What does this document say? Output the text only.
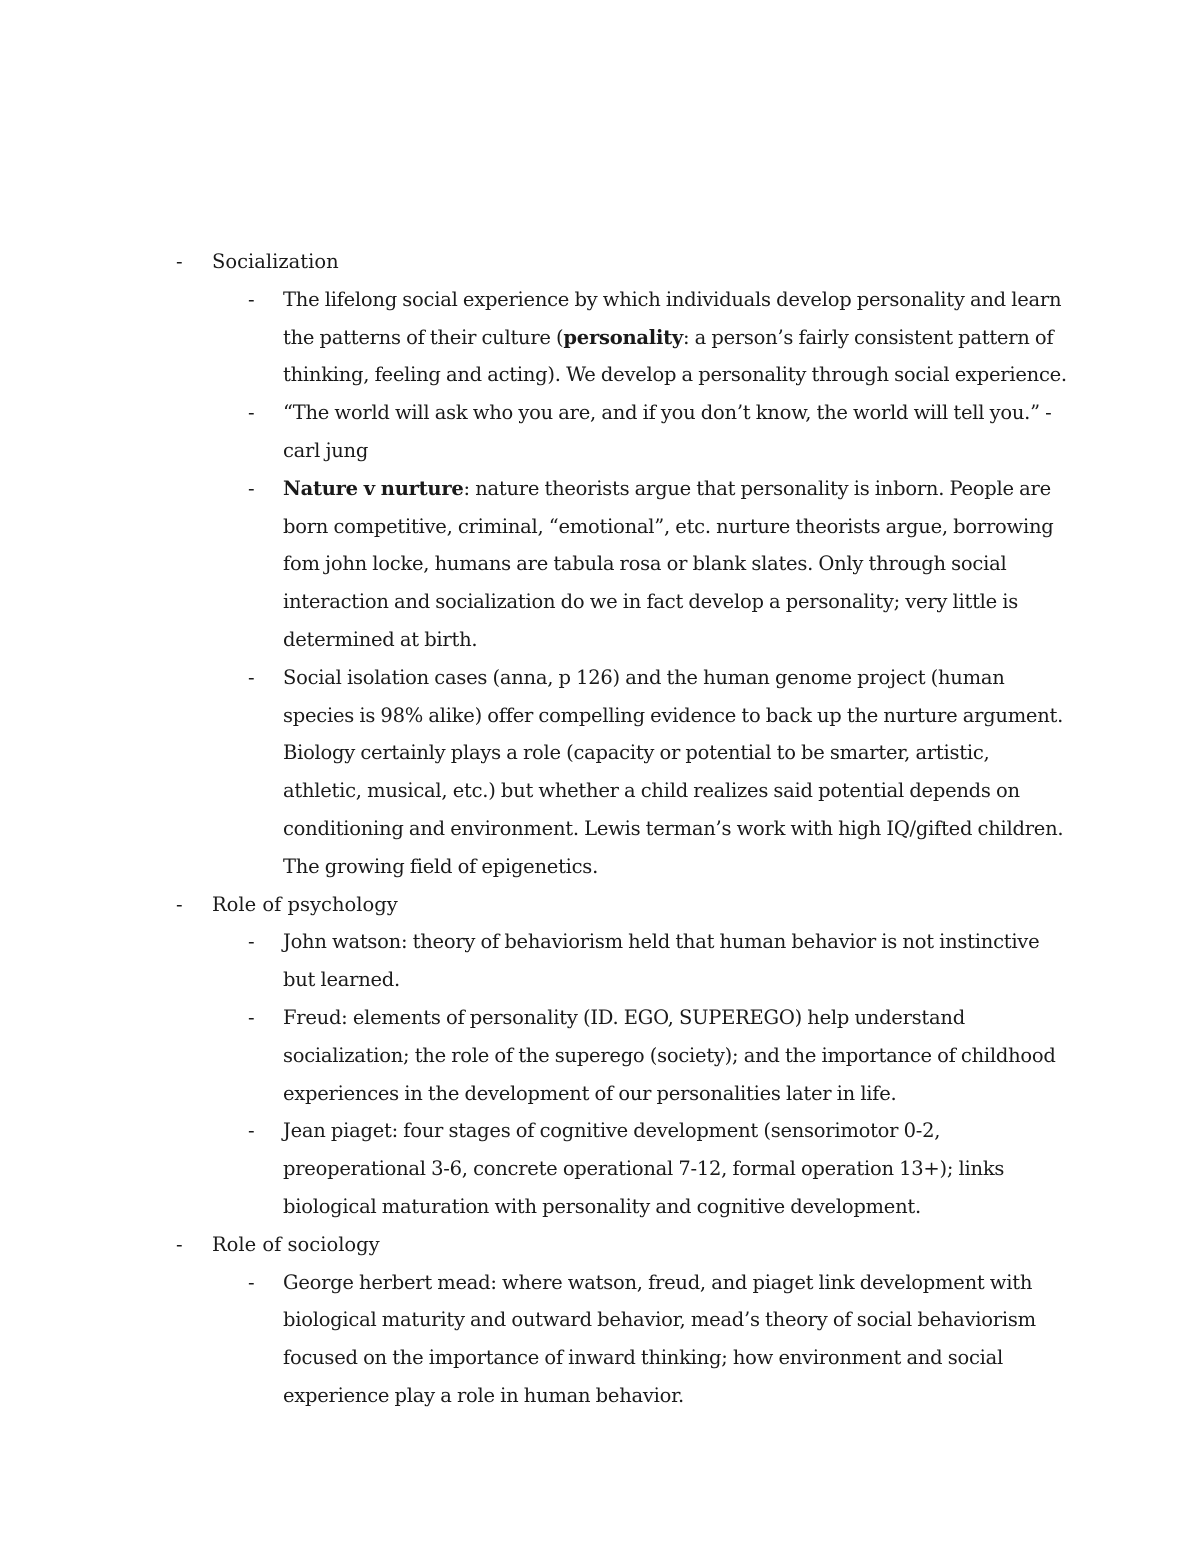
-	Socialization
- The lifelong social experience by which individuals develop personality and learn the patterns of their culture (personality: a person’s fairly consistent pattern of thinking, feeling and acting). We develop a personality through social experience.
- “The world will ask who you are, and if you don’t know, the world will tell you.” - carl jung
- Nature v nurture: nature theorists argue that personality is inborn. People are born competitive, criminal, “emotional”, etc. nurture theorists argue, borrowing fom john locke, humans are tabula rosa or blank slates. Only through social interaction and socialization do we in fact develop a personality; very little is determined at birth.
- Social isolation cases (anna, p 126) and the human genome project (human species is 98% alike) offer compelling evidence to back up the nurture argument. Biology certainly plays a role (capacity or potential to be smarter, artistic, athletic, musical, etc.) but whether a child realizes said potential depends on conditioning and environment. Lewis terman’s work with high IQ/gifted children. The growing field of epigenetics.
-	Role of psychology
- John watson: theory of behaviorism held that human behavior is not instinctive but learned.
- Freud: elements of personality (ID. EGO, SUPEREGO) help understand socialization; the role of the superego (society); and the importance of childhood experiences in the development of our personalities later in life.
- Jean piaget: four stages of cognitive development (sensorimotor 0-2, preoperational 3-6, concrete operational 7-12, formal operation 13+); links biological maturation with personality and cognitive development.
-	Role of sociology
- George herbert mead: where watson, freud, and piaget link development with biological maturity and outward behavior, mead’s theory of social behaviorism focused on the importance of inward thinking; how environment and social experience play a role in human behavior.
